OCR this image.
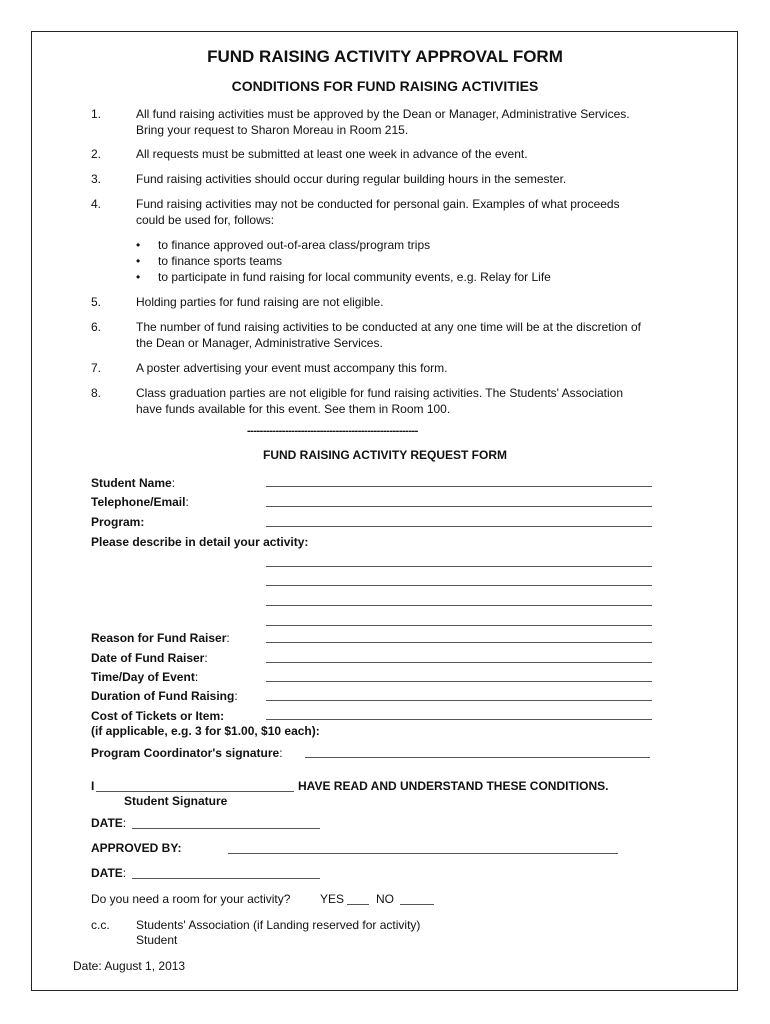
FUND RAISING ACTIVITY APPROVAL FORM
CONDITIONS FOR FUND RAISING ACTIVITIES
1.	All fund raising activities must be approved by the Dean or Manager, Administrative Services.
Bring your request to Sharon Moreau in Room 215.
2.	All requests must be submitted at least one week in advance of the event.
3.	Fund raising activities should occur during regular building hours in the semester.
4.	Fund raising activities may not be conducted for personal gain. Examples of what proceeds
could be used for, follows:
• to finance approved out-of-area class/program trips
• to finance sports teams
• to participate in fund raising for local community events, e.g. Relay for Life
5.	Holding parties for fund raising are not eligible.
6.	The number of fund raising activities to be conducted at any one time will be at the discretion of
the Dean or Manager, Administrative Services.
7.	A poster advertising your event must accompany this form.
8.	Class graduation parties are not eligible for fund raising activities. The Students' Association
have funds available for this event. See them in Room 100.
------------------------------------------------------
FUND RAISING ACTIVITY REQUEST FORM
Student Name:
Telephone/Email:
Program:
Please describe in detail your activity:
Reason for Fund Raiser:
Date of Fund Raiser:
Time/Day of Event:
Duration of Fund Raising:
Cost of Tickets or Item:
(if applicable, e.g. 3 for $1.00, $10 each):
Program Coordinator's signature:
I	HAVE READ AND UNDERSTAND THESE CONDITIONS.
Student Signature
DATE:
APPROVED BY:
DATE:
Do you need a room for your activity? YES	NO
c.c. Students' Association (if Landing reserved for activity)
Student
Date: August 1, 2013
